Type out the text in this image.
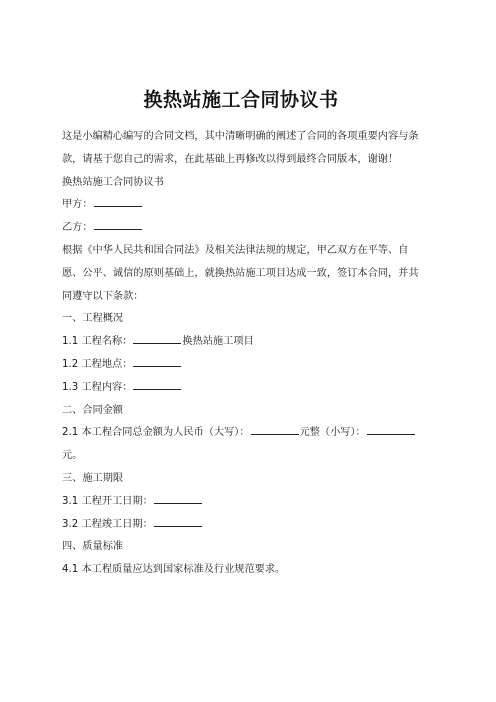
换热站施工合同协议书

这是小编精心编写的合同文档，其中清晰明确的阐述了合同的各项重要内容与条款，请基于您自己的需求，在此基础上再修改以得到最终合同版本，谢谢！

换热站施工合同协议书

甲方：

乙方：

根据《中华人民共和国合同法》及相关法律法规的规定，甲乙双方在平等、自愿、公平、诚信的原则基础上，就换热站施工项目达成一致，签订本合同，并共同遵守以下条款：

一、工程概况

1.1 工程名称：	换热站施工项目

1.2 工程地点：

1.3 工程内容：

二、合同金额

2.1 本工程合同总金额为人民币（大写）：	元整（小写）：元。

三、施工期限

3.1 工程开工日期：

3.2 工程竣工日期：

四、质量标准

4.1 本工程质量应达到国家标准及行业规范要求。
